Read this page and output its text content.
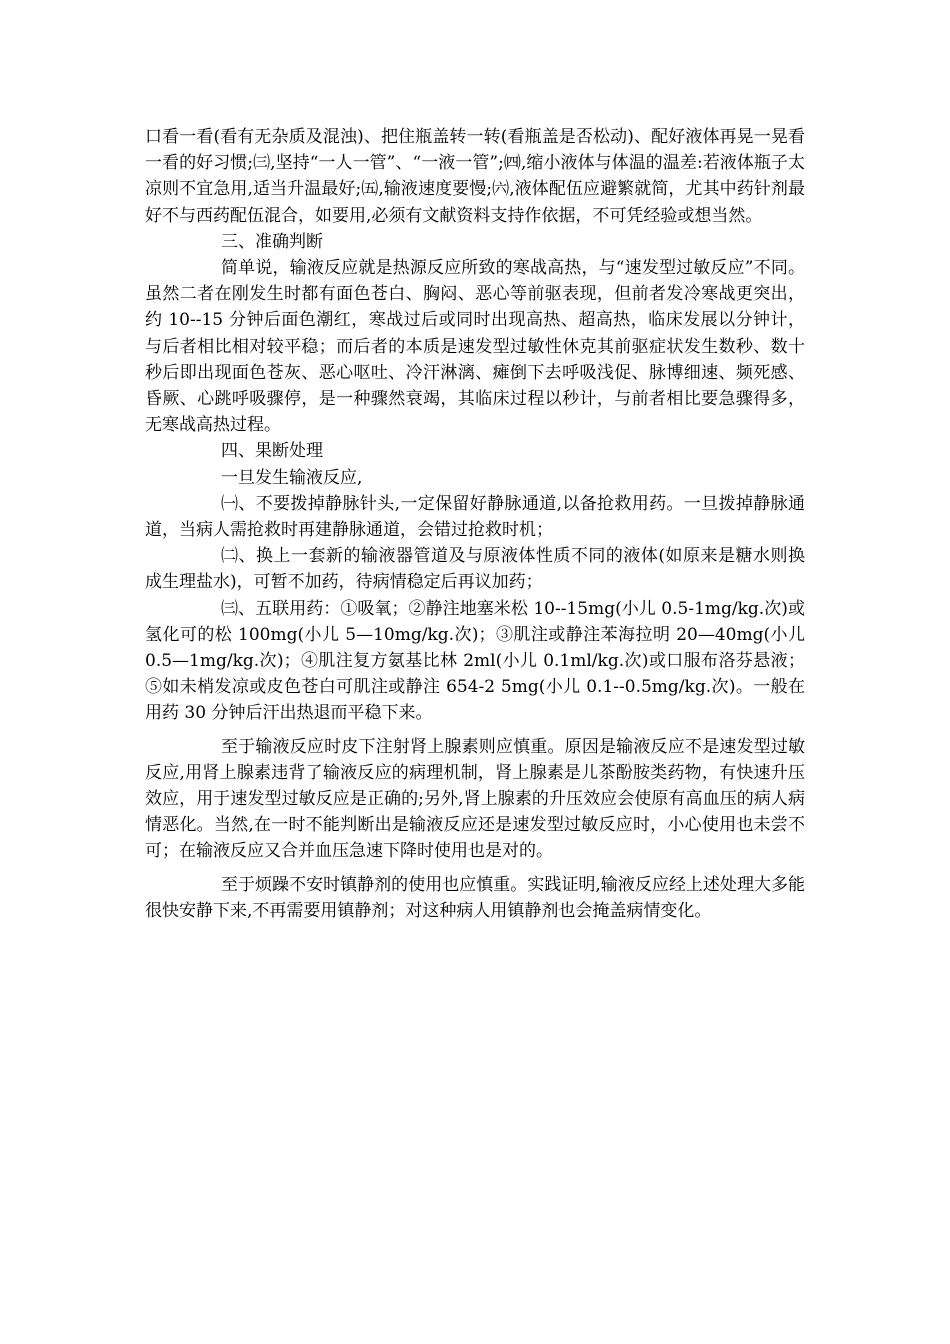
口看一看(看有无杂质及混浊)、把住瓶盖转一转(看瓶盖是否松动)、配好液体再晃一晃看一看的好习惯;㈢,坚持“一人一管”、“一液一管”;㈣,缩小液体与体温的温差:若液体瓶子太凉则不宜急用,适当升温最好;㈤,输液速度要慢;㈥,液体配伍应避繁就简，尤其中药针剂最好不与西药配伍混合，如要用,必须有文献资料支持作依据，不可凭经验或想当然。

三、准确判断

简单说，输液反应就是热源反应所致的寒战高热，与“速发型过敏反应”不同。虽然二者在刚发生时都有面色苍白、胸闷、恶心等前驱表现，但前者发冷寒战更突出，约 10--15 分钟后面色潮红，寒战过后或同时出现高热、超高热，临床发展以分钟计，与后者相比相对较平稳；而后者的本质是速发型过敏性休克其前驱症状发生数秒、数十秒后即出现面色苍灰、恶心呕吐、冷汗淋漓、瘫倒下去呼吸浅促、脉博细速、频死感、昏厥、心跳呼吸骤停，是一种骤然衰竭，其临床过程以秒计，与前者相比要急骤得多，无寒战高热过程。

四、果断处理

一旦发生输液反应,

㈠、不要拨掉静脉针头,一定保留好静脉通道,以备抢救用药。一旦拨掉静脉通道，当病人需抢救时再建静脉通道，会错过抢救时机；

㈡、换上一套新的输液器管道及与原液体性质不同的液体(如原来是糖水则换成生理盐水)，可暂不加药，待病情稳定后再议加药；

㈢、五联用药：①吸氧；②静注地塞米松 10--15mg(小儿 0.5-1mg/kg.次)或氢化可的松 100mg(小儿 5—10mg/kg.次)；③肌注或静注苯海拉明 20—40mg(小儿 0.5—1mg/kg.次)；④肌注复方氨基比林 2ml(小儿 0.1ml/kg.次)或口服布洛芬悬液；⑤如未梢发凉或皮色苍白可肌注或静注 654-2 5mg(小儿 0.1--0.5mg/kg.次)。一般在用药 30 分钟后汗出热退而平稳下来。

至于输液反应时皮下注射肾上腺素则应慎重。原因是输液反应不是速发型过敏反应,用肾上腺素违背了输液反应的病理机制，肾上腺素是儿茶酚胺类药物，有快速升压效应，用于速发型过敏反应是正确的;另外,肾上腺素的升压效应会使原有高血压的病人病情恶化。当然,在一时不能判断出是输液反应还是速发型过敏反应时，小心使用也未尝不可；在输液反应又合并血压急速下降时使用也是对的。

至于烦躁不安时镇静剂的使用也应慎重。实践证明,输液反应经上述处理大多能很快安静下来,不再需要用镇静剂；对这种病人用镇静剂也会掩盖病情变化。
